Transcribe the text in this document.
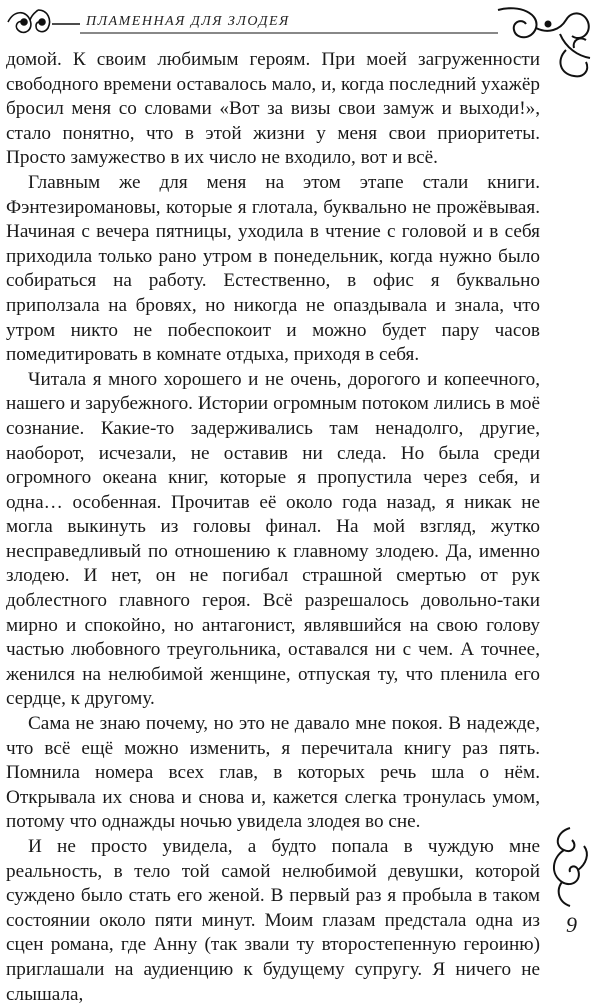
ПЛАМЕННАЯ ДЛЯ ЗЛОДЕЯ

домой. К своим любимым героям. При моей загруженности свободного времени оставалось мало, и, когда последний ухажёр бросил меня со словами «Вот за визы свои замуж и выходи!», стало понятно, что в этой жизни у меня свои приоритеты. Просто замужество в их число не входило, вот и всё.

Главным же для меня на этом этапе стали книги. Фэнтезиромановы, которые я глотала, буквально не прожёвывая. Начиная с вечера пятницы, уходила в чтение с головой и в себя приходила только рано утром в понедельник, когда нужно было собираться на работу. Естественно, в офис я буквально приползала на бровях, но никогда не опаздывала и знала, что утром никто не побеспокоит и можно будет пару часов помедитировать в комнате отдыха, приходя в себя.

Читала я много хорошего и не очень, дорогого и копеечного, нашего и зарубежного. Истории огромным потоком лились в моё сознание. Какие-то задерживались там ненадолго, другие, наоборот, исчезали, не оставив ни следа. Но была среди огромного океана книг, которые я пропустила через себя, и одна… особенная. Прочитав её около года назад, я никак не могла выкинуть из головы финал. На мой взгляд, жутко несправедливый по отношению к главному злодею. Да, именно злодею. И нет, он не погибал страшной смертью от рук доблестного главного героя. Всё разрешалось довольно-таки мирно и спокойно, но антагонист, являвшийся на свою голову частью любовного треугольника, оставался ни с чем. А точнее, женился на нелюбимой женщине, отпуская ту, что пленила его сердце, к другому.

Сама не знаю почему, но это не давало мне покоя. В надежде, что всё ещё можно изменить, я перечитала книгу раз пять. Помнила номера всех глав, в которых речь шла о нём. Открывала их снова и снова и, кажется слегка тронулась умом, потому что однажды ночью увидела злодея во сне.

И не просто увидела, а будто попала в чуждую мне реальность, в тело той самой нелюбимой девушки, которой суждено было стать его женой. В первый раз я пробыла в таком состоянии около пяти минут. Моим глазам предстала одна из сцен романа, где Анну (так звали ту второстепенную героиню) приглашали на аудиенцию к будущему супругу. Я ничего не слышала,

9
